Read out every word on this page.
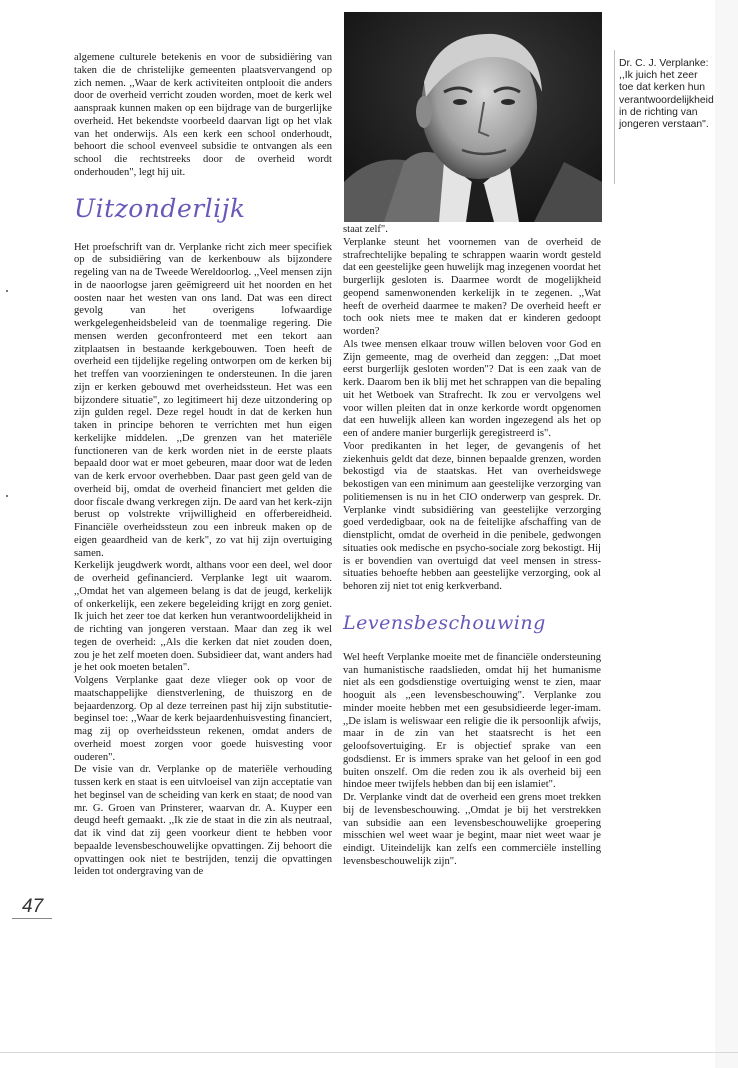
Dr. C. J. Verplanke: ,,Ik juich het zeer toe dat kerken hun verantwoordelijkheid in de richting van jongeren verstaan".

algemene culturele betekenis en voor de subsidiëring van taken die de christelijke gemeenten plaatsvervangend op zich nemen. ,,Waar de kerk activiteiten ontplooit die anders door de overheid verricht zouden worden, moet de kerk wel aanspraak kunnen maken op een bijdrage van de burgerlijke overheid. Het bekendste voorbeeld daarvan ligt op het vlak van het onderwijs. Als een kerk een school onderhoudt, behoort die school evenveel subsidie te ontvangen als een school die rechtstreeks door de overheid wordt onderhouden", legt hij uit.

Uitzonderlijk

Het proefschrift van dr. Verplanke richt zich meer specifiek op de subsidiëring van de kerkenbouw als bijzondere regeling van na de Tweede Wereldoorlog. ,,Veel mensen zijn in de naoorlogse jaren geëmigreerd uit het noorden en het oosten naar het westen van ons land. Dat was een direct gevolg van het overigens lofwaardige werkgelegenheidsbeleid van de toenmalige regering. Die mensen werden geconfronteerd met een tekort aan zitplaatsen in bestaande kerkgebouwen. Toen heeft de overheid een tijdelijke regeling ontworpen om de kerken bij het treffen van voorzieningen te ondersteunen. In die jaren zijn er kerken gebouwd met overheidssteun. Het was een bijzondere situatie", zo legitimeert hij deze uitzondering op zijn gulden regel. Deze regel houdt in dat de kerken hun taken in principe behoren te verrichten met hun eigen kerkelijke middelen. ,,De grenzen van het materiële functioneren van de kerk worden niet in de eerste plaats bepaald door wat er moet gebeuren, maar door wat de leden van de kerk ervoor overhebben. Daar past geen geld van de overheid bij, omdat de overheid financiert met gelden die door fiscale dwang verkregen zijn. De aard van het kerk-zijn berust op volstrekte vrijwilligheid en offerbereidheid. Financiële overheidssteun zou een inbreuk maken op de eigen geaardheid van de kerk", zo vat hij zijn overtuiging samen.

Kerkelijk jeugdwerk wordt, althans voor een deel, wel door de overheid gefinancierd. Verplanke legt uit waarom. ,,Omdat het van algemeen belang is dat de jeugd, kerkelijk of onkerkelijk, een zekere begeleiding krijgt en zorg geniet. Ik juich het zeer toe dat kerken hun verantwoordelijkheid in de richting van jongeren verstaan. Maar dan zeg ik wel tegen de overheid: ,,Als die kerken dat niet zouden doen, zou je het zelf moeten doen. Subsidieer dat, want anders had je het ook moeten betalen".

Volgens Verplanke gaat deze vlieger ook op voor de maatschappelijke dienstverlening, de thuiszorg en de bejaardenzorg. Op al deze terreinen past hij zijn substitutie-beginsel toe: ,,Waar de kerk bejaardenhuisvesting financiert, mag zij op overheidssteun rekenen, omdat anders de overheid moest zorgen voor goede huisvesting voor ouderen".

De visie van dr. Verplanke op de materiële verhouding tussen kerk en staat is een uitvloeisel van zijn acceptatie van het beginsel van de scheiding van kerk en staat; de nood van mr. G. Groen van Prinsterer, waarvan dr. A. Kuyper een deugd heeft gemaakt. ,,Ik zie de staat in die zin als neutraal, dat ik vind dat zij geen voorkeur dient te hebben voor bepaalde levensbeschouwelijke opvattingen. Zij behoort die opvattingen ook niet te bestrijden, tenzij die opvattingen leiden tot ondergraving van de

staat zelf".

Verplanke steunt het voornemen van de overheid de strafrechtelijke bepaling te schrappen waarin wordt gesteld dat een geestelijke geen huwelijk mag inzegenen voordat het burgerlijk gesloten is. Daarmee wordt de mogelijkheid geopend samenwonenden kerkelijk in te zegenen. ,,Wat heeft de overheid daarmee te maken? De overheid heeft er toch ook niets mee te maken dat er kinderen gedoopt worden?

Als twee mensen elkaar trouw willen beloven voor God en Zijn gemeente, mag de overheid dan zeggen: ,,Dat moet eerst burgerlijk gesloten worden"? Dat is een zaak van de kerk. Daarom ben ik blij met het schrappen van die bepaling uit het Wetboek van Strafrecht. Ik zou er vervolgens wel voor willen pleiten dat in onze kerkorde wordt opgenomen dat een huwelijk alleen kan worden ingezegend als het op een of andere manier burgerlijk geregistreerd is".

Voor predikanten in het leger, de gevangenis of het ziekenhuis geldt dat deze, binnen bepaalde grenzen, worden bekostigd via de staatskas. Het van overheidswege bekostigen van een minimum aan geestelijke verzorging van politiemensen is nu in het CIO onderwerp van gesprek. Dr. Verplanke vindt subsidiëring van geestelijke verzorging goed verdedigbaar, ook na de feitelijke afschaffing van de dienstplicht, omdat de overheid in die penibele, gedwongen situaties ook medische en psycho-sociale zorg bekostigt. Hij is er bovendien van overtuigd dat veel mensen in stress-situaties behoefte hebben aan geestelijke verzorging, ook al behoren zij niet tot enig kerkverband.

Levensbeschouwing

Wel heeft Verplanke moeite met de financiële ondersteuning van humanistische raadslieden, omdat hij het humanisme niet als een godsdienstige overtuiging wenst te zien, maar hooguit als ,,een levensbeschouwing". Verplanke zou minder moeite hebben met een gesubsidieerde leger-imam. ,,De islam is weliswaar een religie die ik persoonlijk afwijs, maar in de zin van het staatsrecht is het een geloofsovertuiging. Er is objectief sprake van een godsdienst. Er is immers sprake van het geloof in een god buiten onszelf. Om die reden zou ik als overheid bij een hindoe meer twijfels hebben dan bij een islamiet".

Dr. Verplanke vindt dat de overheid een grens moet trekken bij de levensbeschouwing. ,,Omdat je bij het verstrekken van subsidie aan een levensbeschouwelijke groepering misschien wel weet waar je begint, maar niet weet waar je eindigt. Uiteindelijk kan zelfs een commerciële instelling levensbeschouwelijk zijn".

47
